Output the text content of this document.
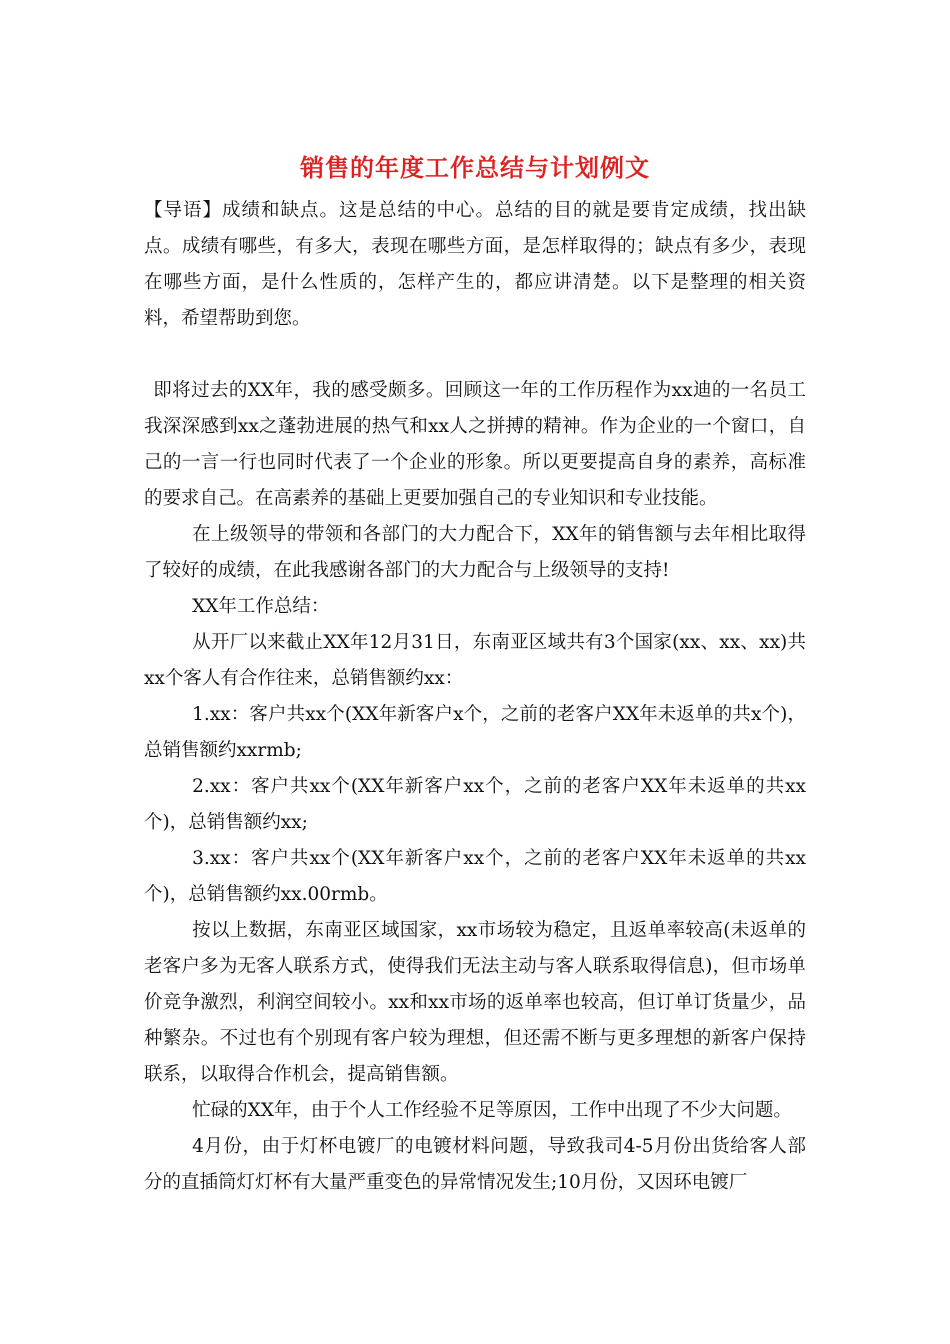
销售的年度工作总结与计划例文

【导语】成绩和缺点。这是总结的中心。总结的目的就是要肯定成绩，找出缺点。成绩有哪些，有多大，表现在哪些方面，是怎样取得的；缺点有多少，表现在哪些方面，是什么性质的，怎样产生的，都应讲清楚。以下是整理的相关资料，希望帮助到您。

即将过去的XX年，我的感受颇多。回顾这一年的工作历程作为xx迪的一名员工我深深感到xx之蓬勃进展的热气和xx人之拼搏的精神。作为企业的一个窗口，自己的一言一行也同时代表了一个企业的形象。所以更要提高自身的素养，高标准的要求自己。在高素养的基础上更要加强自己的专业知识和专业技能。

在上级领导的带领和各部门的大力配合下，XX年的销售额与去年相比取得了较好的成绩，在此我感谢各部门的大力配合与上级领导的支持!

XX年工作总结：

从开厂以来截止XX年12月31日，东南亚区域共有3个国家(xx、xx、xx)共xx个客人有合作往来，总销售额约xx：

1.xx：客户共xx个(XX年新客户x个，之前的老客户XX年未返单的共x个)，总销售额约xxrmb;

2.xx：客户共xx个(XX年新客户xx个，之前的老客户XX年未返单的共xx个)，总销售额约xx;

3.xx：客户共xx个(XX年新客户xx个，之前的老客户XX年未返单的共xx个)，总销售额约xx.00rmb。

按以上数据，东南亚区域国家，xx市场较为稳定，且返单率较高(未返单的老客户多为无客人联系方式，使得我们无法主动与客人联系取得信息)，但市场单价竞争激烈，利润空间较小。xx和xx市场的返单率也较高，但订单订货量少，品种繁杂。不过也有个别现有客户较为理想，但还需不断与更多理想的新客户保持联系，以取得合作机会，提高销售额。

忙碌的XX年，由于个人工作经验不足等原因，工作中出现了不少大问题。

4月份，由于灯杯电镀厂的电镀材料问题，导致我司4-5月份出货给客人部分的直插筒灯灯杯有大量严重变色的异常情况发生;10月份，又因环电镀厂
